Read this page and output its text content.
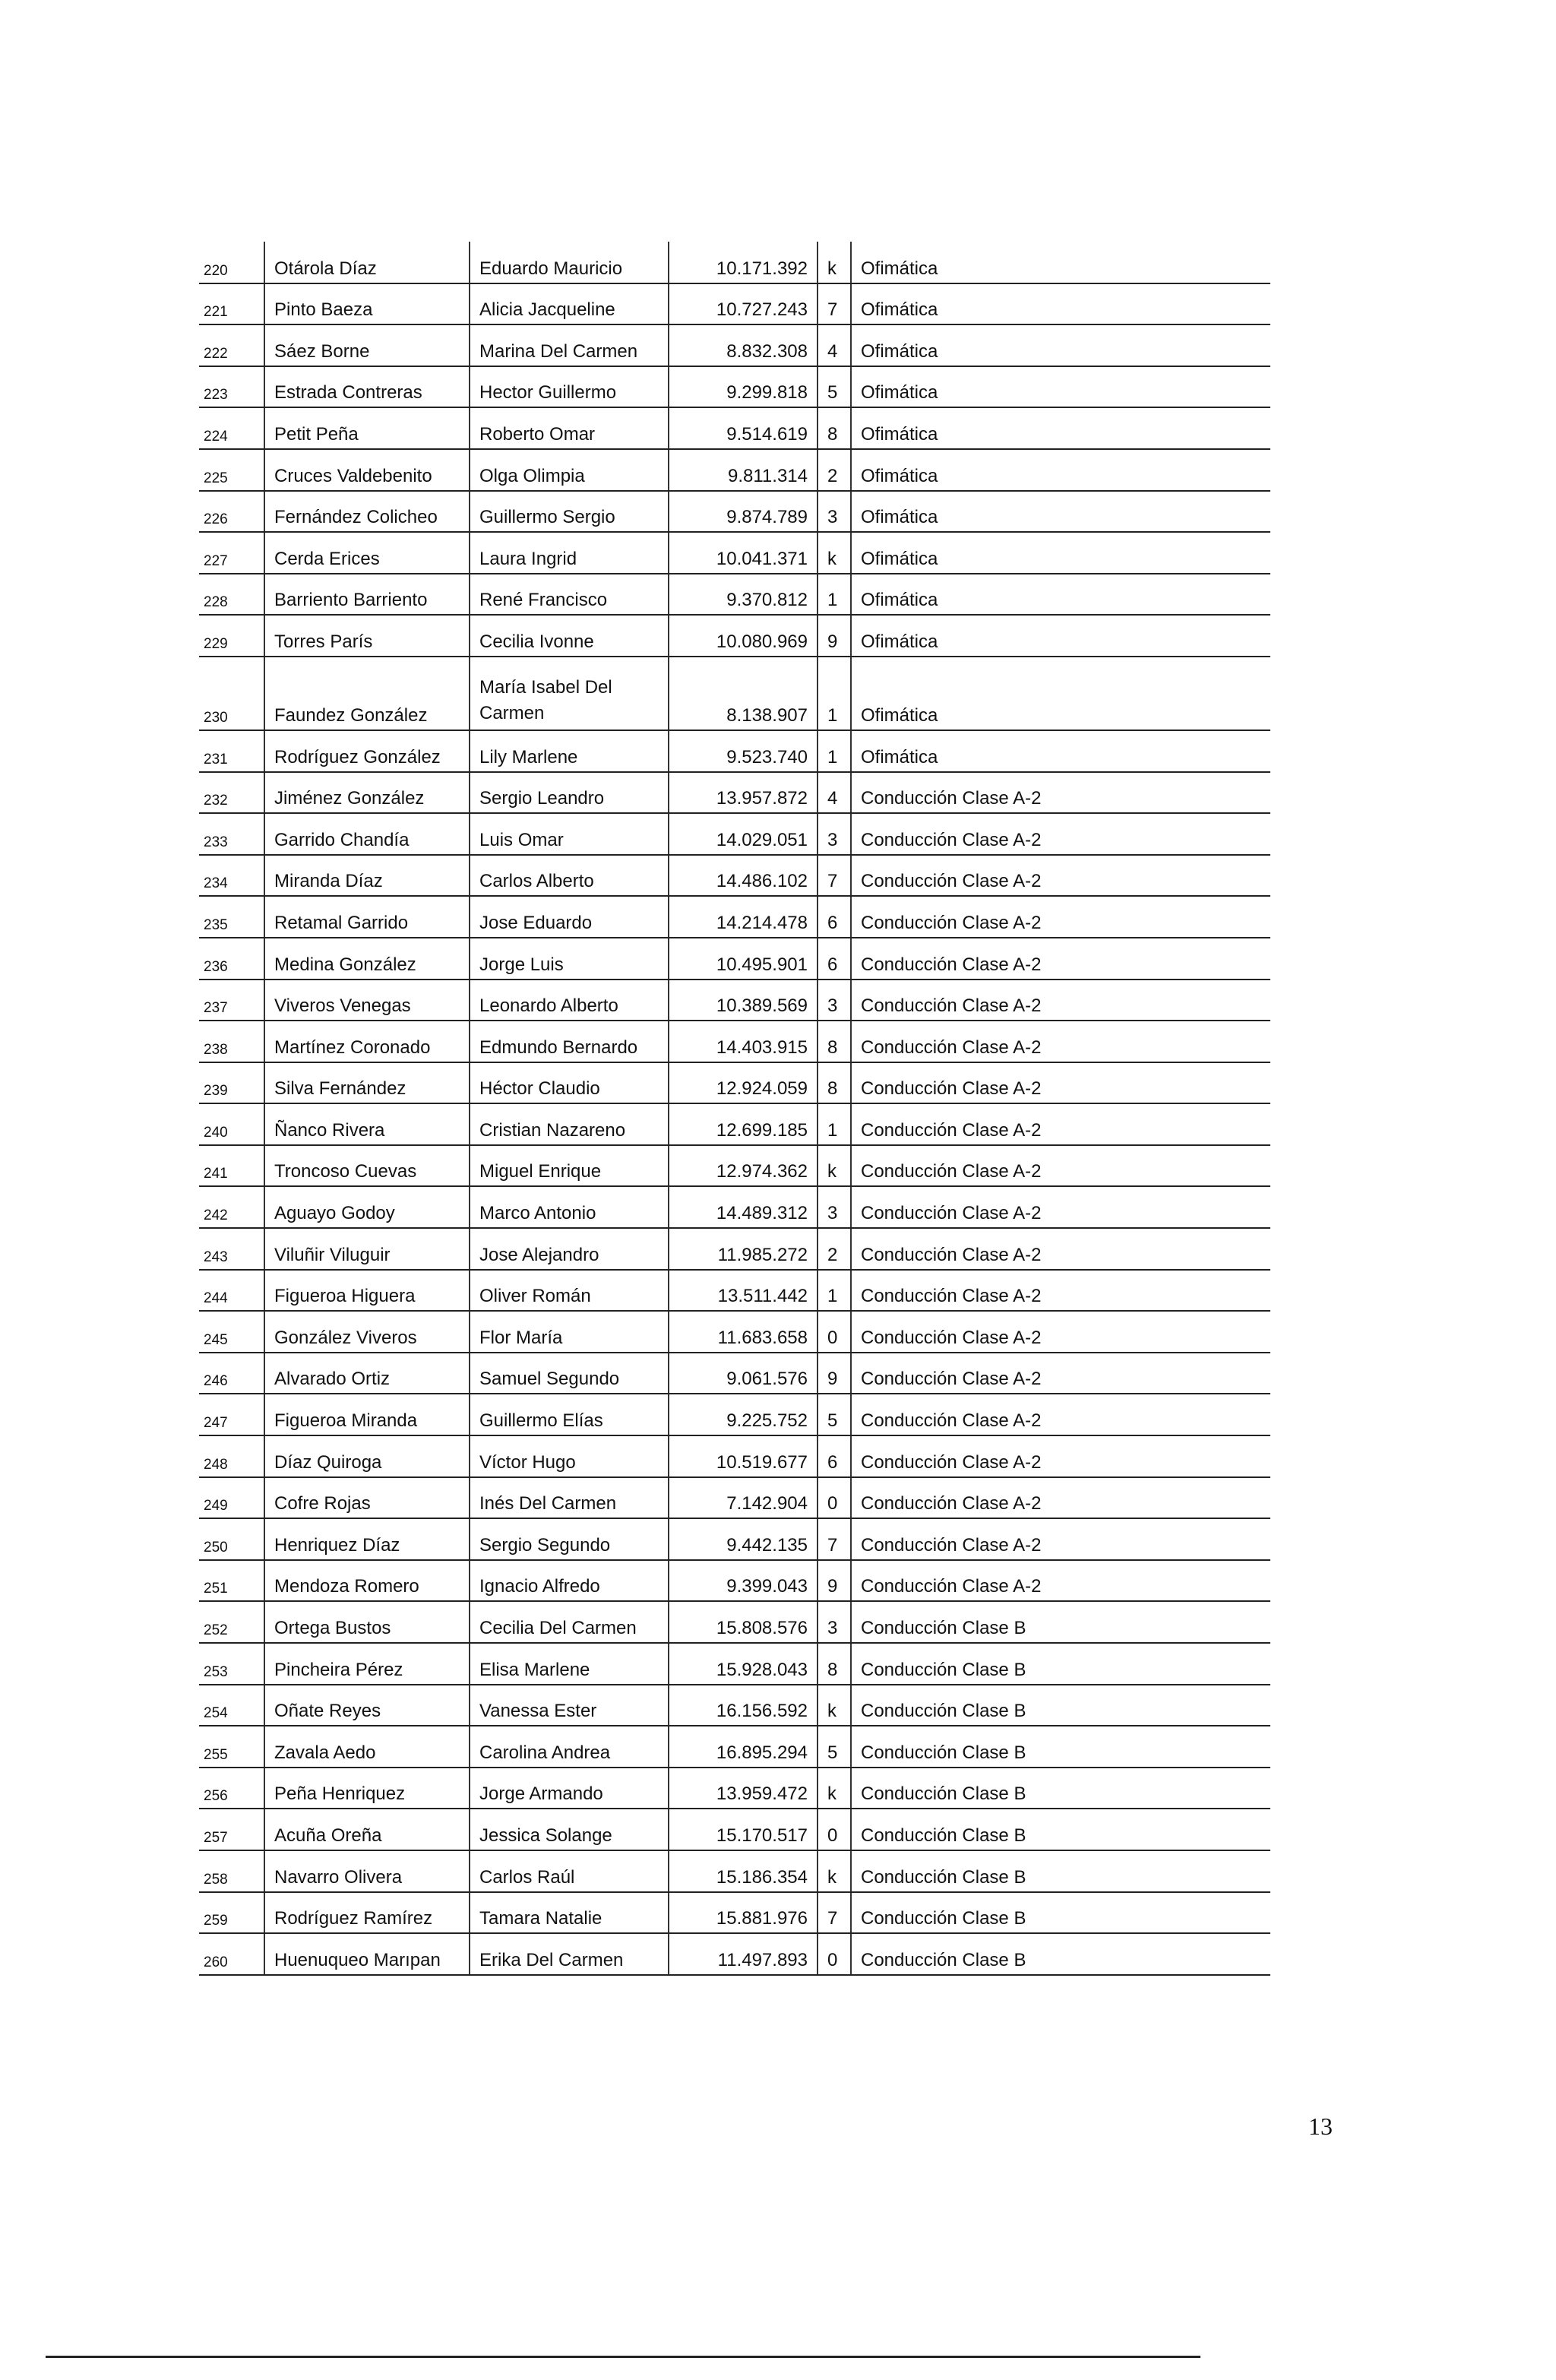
220	Otárola Díaz	Eduardo Mauricio	10.171.392	k	Ofimática
221	Pinto Baeza	Alicia Jacqueline	10.727.243	7	Ofimática
222	Sáez Borne	Marina Del Carmen	8.832.308	4	Ofimática
223	Estrada Contreras	Hector Guillermo	9.299.818	5	Ofimática
224	Petit Peña	Roberto Omar	9.514.619	8	Ofimática
225	Cruces Valdebenito	Olga Olimpia	9.811.314	2	Ofimática
226	Fernández Colicheo	Guillermo Sergio	9.874.789	3	Ofimática
227	Cerda Erices	Laura Ingrid	10.041.371	k	Ofimática
228	Barriento Barriento	René Francisco	9.370.812	1	Ofimática
229	Torres París	Cecilia Ivonne	10.080.969	9	Ofimática
230	Faundez González	María Isabel Del Carmen	8.138.907	1	Ofimática
231	Rodríguez González	Lily Marlene	9.523.740	1	Ofimática
232	Jiménez González	Sergio Leandro	13.957.872	4	Conducción Clase A-2
233	Garrido Chandía	Luis Omar	14.029.051	3	Conducción Clase A-2
234	Miranda Díaz	Carlos Alberto	14.486.102	7	Conducción Clase A-2
235	Retamal Garrido	Jose Eduardo	14.214.478	6	Conducción Clase A-2
236	Medina González	Jorge Luis	10.495.901	6	Conducción Clase A-2
237	Viveros Venegas	Leonardo Alberto	10.389.569	3	Conducción Clase A-2
238	Martínez Coronado	Edmundo Bernardo	14.403.915	8	Conducción Clase A-2
239	Silva Fernández	Héctor Claudio	12.924.059	8	Conducción Clase A-2
240	Ñanco Rivera	Cristian Nazareno	12.699.185	1	Conducción Clase A-2
241	Troncoso Cuevas	Miguel Enrique	12.974.362	k	Conducción Clase A-2
242	Aguayo Godoy	Marco Antonio	14.489.312	3	Conducción Clase A-2
243	Viluñir Viluguir	Jose Alejandro	11.985.272	2	Conducción Clase A-2
244	Figueroa Higuera	Oliver Román	13.511.442	1	Conducción Clase A-2
245	González Viveros	Flor María	11.683.658	0	Conducción Clase A-2
246	Alvarado Ortiz	Samuel Segundo	9.061.576	9	Conducción Clase A-2
247	Figueroa Miranda	Guillermo Elías	9.225.752	5	Conducción Clase A-2
248	Díaz Quiroga	Víctor Hugo	10.519.677	6	Conducción Clase A-2
249	Cofre Rojas	Inés Del Carmen	7.142.904	0	Conducción Clase A-2
250	Henriquez Díaz	Sergio Segundo	9.442.135	7	Conducción Clase A-2
251	Mendoza Romero	Ignacio Alfredo	9.399.043	9	Conducción Clase A-2
252	Ortega Bustos	Cecilia Del Carmen	15.808.576	3	Conducción Clase B
253	Pincheira Pérez	Elisa Marlene	15.928.043	8	Conducción Clase B
254	Oñate Reyes	Vanessa Ester	16.156.592	k	Conducción Clase B
255	Zavala Aedo	Carolina Andrea	16.895.294	5	Conducción Clase B
256	Peña Henriquez	Jorge Armando	13.959.472	k	Conducción Clase B
257	Acuña Oreña	Jessica Solange	15.170.517	0	Conducción Clase B
258	Navarro Olivera	Carlos Raúl	15.186.354	k	Conducción Clase B
259	Rodríguez Ramírez	Tamara Natalie	15.881.976	7	Conducción Clase B
260	Huenuqueo Marıpan	Erika Del Carmen	11.497.893	0	Conducción Clase B
13
